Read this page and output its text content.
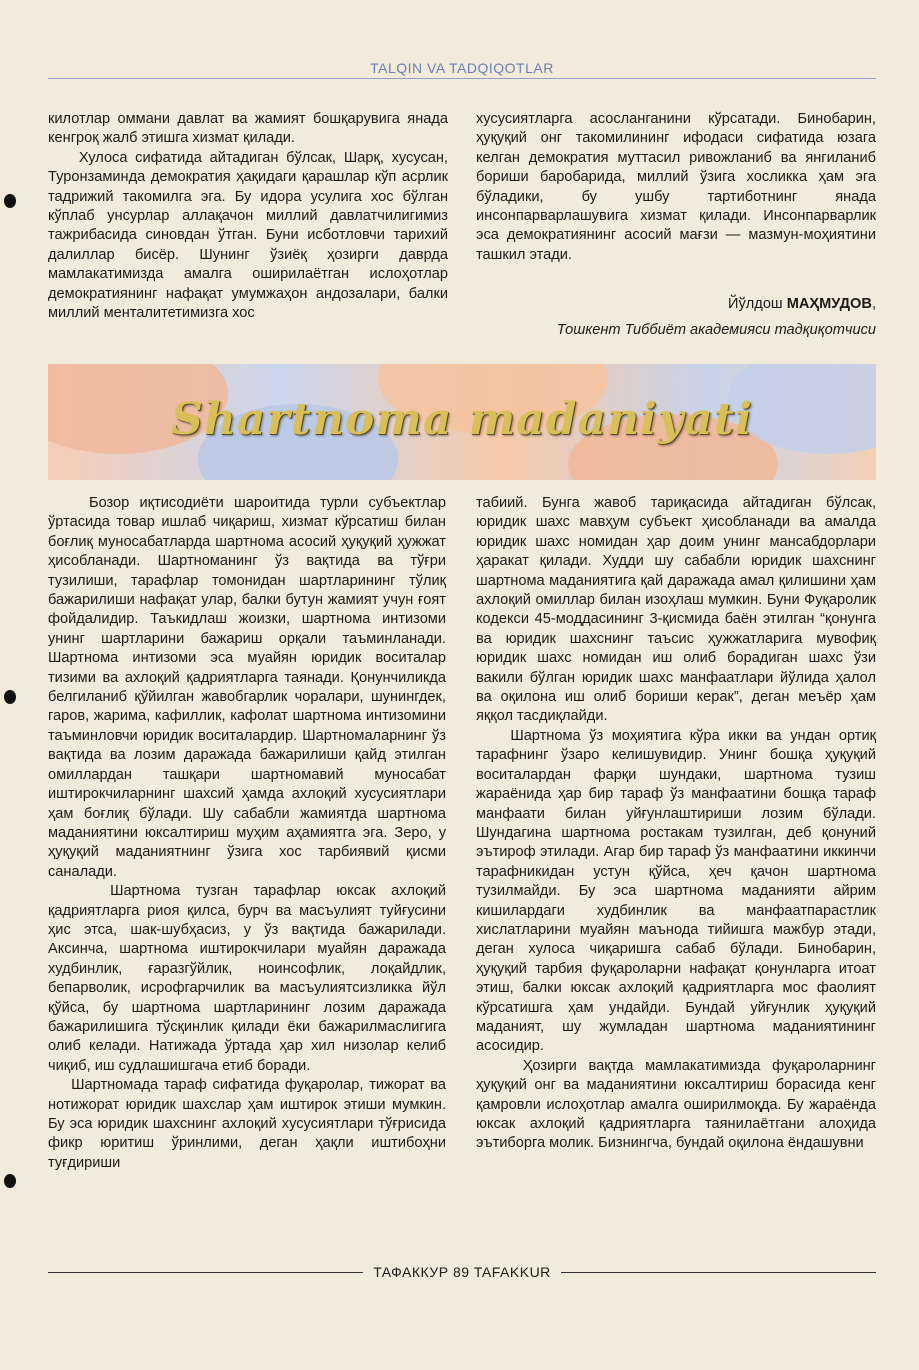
TALQIN VA TADQIQOTLAR

килотлар оммани давлат ва жамият бошқарувига янада кенгроқ жалб этишга хизмат қилади.
Хулоса сифатида айтадиган бўлсак, Шарқ, хусусан, Туронзаминда демократия ҳақидаги қарашлар кўп асрлик тадрижий такомилга эга. Бу идора усулига хос бўлган кўплаб унсурлар аллақачон миллий давлатчилигимиз тажрибасида синовдан ўтган. Буни исботловчи тарихий далиллар бисёр. Шунинг ўзиёқ ҳозирги даврда мамлакатимизда амалга оширилаётган ислоҳотлар демократиянинг нафақат умумжаҳон андозалари, балки миллий менталитетимизга хос

хусусиятларга асосланганини кўрсатади. Бинобарин, ҳуқуқий онг такомилининг ифодаси сифатида юзага келган демократия муттасил ривожланиб ва янгиланиб бориши баробарида, миллий ўзига хосликка ҳам эга бўладики, бу ушбу тартиботнинг янада инсонпарварлашувига хизмат қилади. Инсонпарварлик эса демократиянинг асосий мағзи — мазмун-моҳиятини ташкил этади.

Йўлдош МАҲМУДОВ,
Тошкент Тиббиёт академияси тадқиқотчиси
Shartnoma madaniyati

Бозор иқтисодиёти шароитида турли субъектлар ўртасида товар ишлаб чиқариш, хизмат кўрсатиш билан боғлиқ муносабатларда шартнома асосий ҳуқуқий ҳужжат ҳисобланади. Шартноманинг ўз вақтида ва тўғри тузилиши, тарафлар томонидан шартларининг тўлиқ бажарилиши нафақат улар, балки бутун жамият учун ғоят фойдалидир. Таъкидлаш жоизки, шартнома интизоми унинг шартларини бажариш орқали таъминланади. Шартнома интизоми эса муайян юридик воситалар тизими ва ахлоқий қадриятларга таянади. Қонунчиликда белгиланиб қўйилган жавобгарлик чоралари, шунингдек, гаров, жарима, кафиллик, кафолат шартнома интизомини таъминловчи юридик воситалардир. Шартномаларнинг ўз вақтида ва лозим даражада бажарилиши қайд этилган омиллардан ташқари шартномавий муносабат иштирокчиларнинг шахсий ҳамда ахлоқий хусусиятлари ҳам боғлиқ бўлади. Шу сабабли жамиятда шартнома маданиятини юксалтириш муҳим аҳамиятга эга. Зеро, у ҳуқуқий маданиятнинг ўзига хос тарбиявий қисми саналади.
Шартнома тузган тарафлар юксак ахлоқий қадриятларга риоя қилса, бурч ва масъулият туйғусини ҳис этса, шак-шубҳасиз, у ўз вақтида бажарилади. Аксинча, шартнома иштирокчилари муайян даражада худбинлик, ғаразгўйлик, ноинсофлик, лоқайдлик, бепарволик, исрофгарчилик ва масъулиятсизликка йўл қўйса, бу шартнома шартларининг лозим даражада бажарилишига тўсқинлик қилади ёки бажарилмаслигига олиб келади. Натижада ўртада ҳар хил низолар келиб чиқиб, иш судлашишгача етиб боради.
Шартномада тараф сифатида фуқаролар, тижорат ва нотижорат юридик шахслар ҳам иштирок этиши мумкин. Бу эса юридик шахснинг ахлоқий хусусиятлари тўғрисида фикр юритиш ўринлими, деган ҳақли иштибоҳни туғдириши

табиий. Бунга жавоб тариқасида айтадиган бўлсак, юридик шахс мавҳум субъект ҳисобланади ва амалда юридик шахс номидан ҳар доим унинг мансабдорлари ҳаракат қилади. Худди шу сабабли юридик шахснинг шартнома маданиятига қай даражада амал қилишини ҳам ахлоқий омиллар билан изоҳлаш мумкин. Буни Фуқаролик кодекси 45-моддасининг 3-қисмида баён этилган “қонунга ва юридик шахснинг таъсис ҳужжатларига мувофиқ юридик шахс номидан иш олиб борадиган шахс ўзи вакили бўлган юридик шахс манфаатлари йўлида ҳалол ва оқилона иш олиб бориши керак”, деган меъёр ҳам яққол тасдиқлайди.
Шартнома ўз моҳиятига кўра икки ва ундан ортиқ тарафнинг ўзаро келишувидир. Унинг бошқа ҳуқуқий воситалардан фарқи шундаки, шартнома тузиш жараёнида ҳар бир тараф ўз манфаатини бошқа тараф манфаати билан уйғунлаштириши лозим бўлади. Шундагина шартнома ростакам тузилган, деб қонуний эътироф этилади. Агар бир тараф ўз манфаатини иккинчи тарафникидан устун қўйса, ҳеч қачон шартнома тузилмайди. Бу эса шартнома маданияти айрим кишилардаги худбинлик ва манфаатпарастлик хислатларини муайян маънода тийишга мажбур этади, деган хулоса чиқаришга сабаб бўлади. Бинобарин, ҳуқуқий тарбия фуқароларни нафақат қонунларга итоат этиш, балки юксак ахлоқий қадриятларга мос фаолият кўрсатишга ҳам ундайди. Бундай уйғунлик ҳуқуқий маданият, шу жумладан шартнома маданиятининг асосидир.
Ҳозирги вақтда мамлакатимизда фуқароларнинг ҳуқуқий онг ва маданиятини юксалтириш борасида кенг қамровли ислоҳотлар амалга оширилмоқда. Бу жараёнда юксак ахлоқий қадриятларга таянилаётгани алоҳида эътиборга молик. Бизнингча, бундай оқилона ёндашувни

ТАФАККУР 89 TAFAKKUR
